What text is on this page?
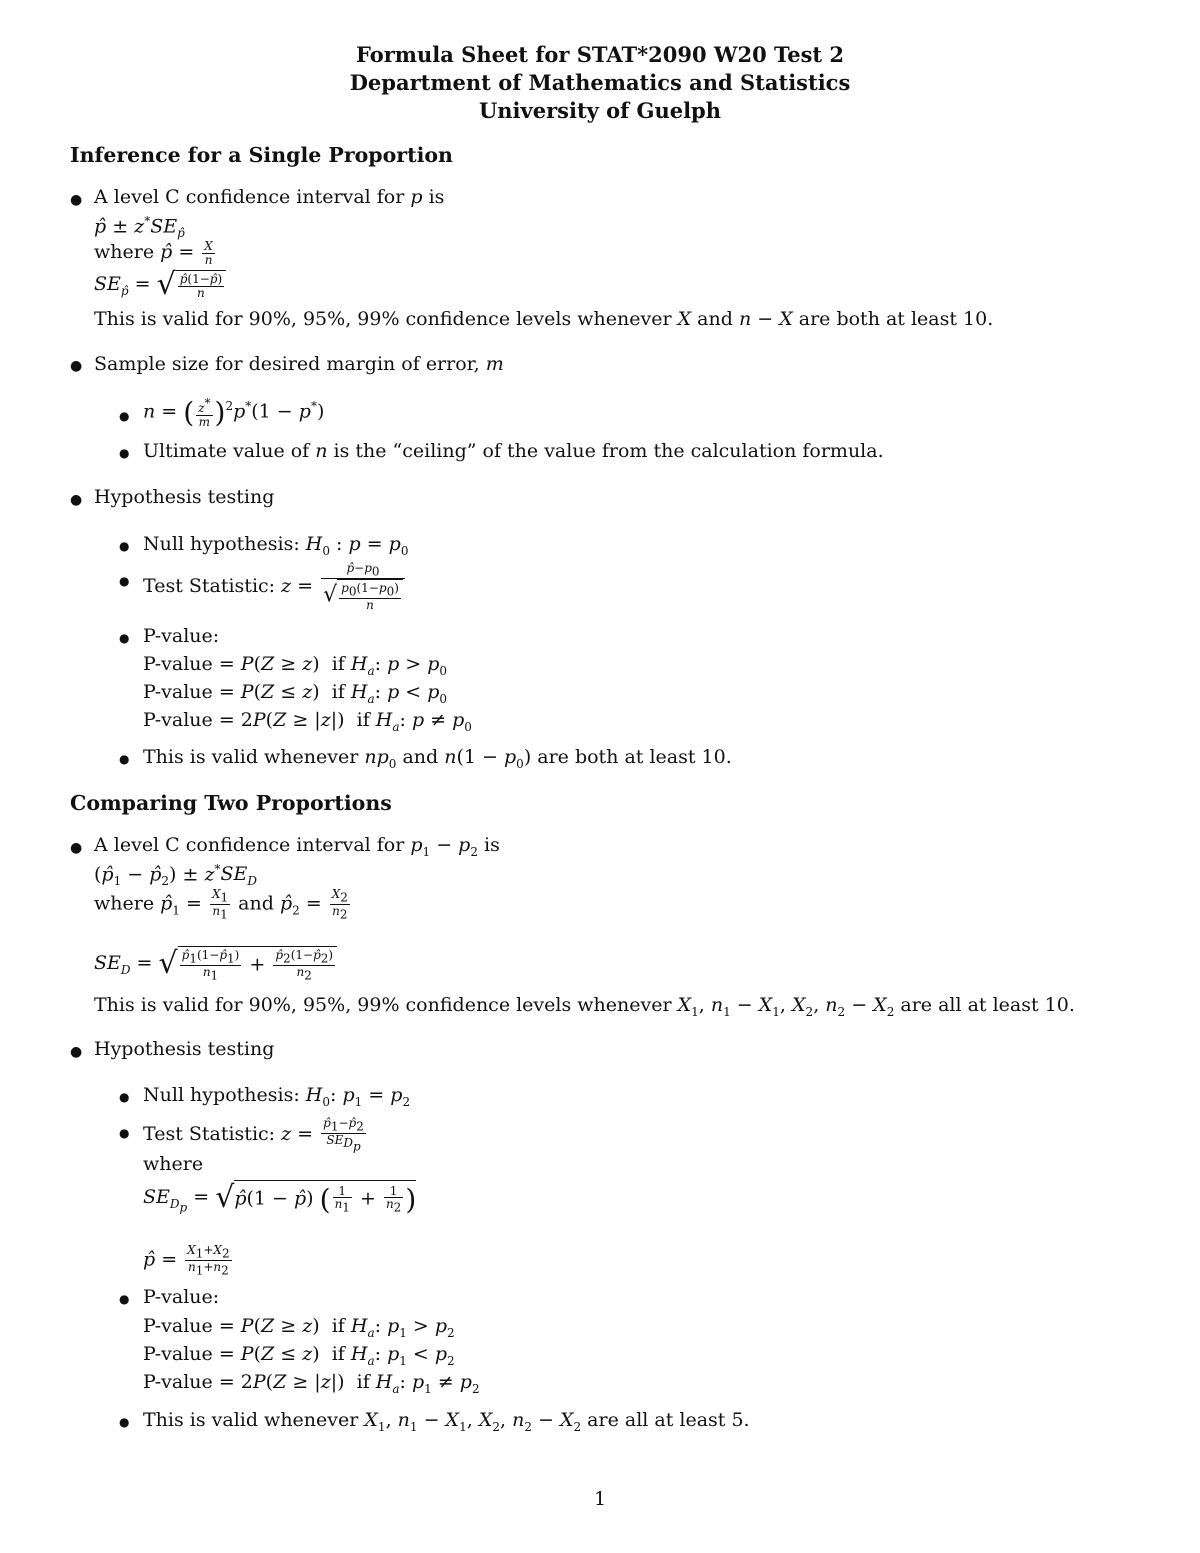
Formula Sheet for STAT*2090 W20 Test 2
Department of Mathematics and Statistics
University of Guelph
Inference for a Single Proportion
● A level C confidence interval for p is
p̂ ± $z^*SE_{p̂}$
where p̂ = $\frac{X}{n}$
$SE_{p̂}$ = √ $\frac{p̂(1-p̂)}{n}$
This is valid for 90%, 95%, 99% confidence levels whenever X and n − X are both at least 10.
● Sample size for desired margin of error, m
● n = ( $\frac{z^*}{m} )^2p^*(1 - p^*)$
● Ultimate value of n is the “ceiling” of the value from the calculation formula.
● Hypothesis testing
● Null hypothesis: $H_0$ : $p = p_0$
● Test Statistic: $z = \frac{p̂-p_0}{√ \frac{p_0(1-p_0)}{n}}$
● P-value:
P-value = P(Z ≥ z)  if $H_a$: $p > p_0$
P-value = P(Z ≤ z)  if $H_a$: $p < p_0$
P-value = 2P(Z ≥ |z|)  if $H_a$: $p \ne p_0$
● This is valid whenever $np_0$ and $n(1 - p_0)$ are both at least 10.
Comparing Two Proportions
● A level C confidence interval for $p_1 - p_2$ is
($p̂_1$ − $p̂_2) \pm z^*SE_D$
where $p̂_1 = \frac{X_1}{n_1}$ and $p̂_2 = \frac{X_2}{n_2}$
$SE_D$ = √ $\frac{p̂_1(1-p̂_1)}{n_1} + \frac{p̂_2(1-p̂_2)}{n_2}$
This is valid for 90%, 95%, 99% confidence levels whenever $X_1$, $n_1 - X_1$, $X_2$, $n_2 - X_2$ are all at least 10.
● Hypothesis testing
● Null hypothesis: $H_0$: $p_1 = p_2$
● Test Statistic: z =
$p̂_1-p̂_2$
$SE_{D_p}$
where
$SE_{D_p}$ = √p̂(1 − p̂) ( $\frac{1}{n_1} + \frac{1}{n_2}$ )
p̂ = $\frac{X_1+X_2}{n_1+n_2}$
● P-value:
P-value = P(Z ≥ z)  if $H_a$: $p_1 > p_2$
P-value = P(Z ≤ z)  if $H_a$: $p_1 < p_2$
P-value = 2P(Z ≥ |z|)  if $H_a$: $p_1 \ne p_2$
● This is valid whenever $X_1$, $n_1 - X_1$, $X_2$, $n_2 - X_2$ are all at least 5.
1
